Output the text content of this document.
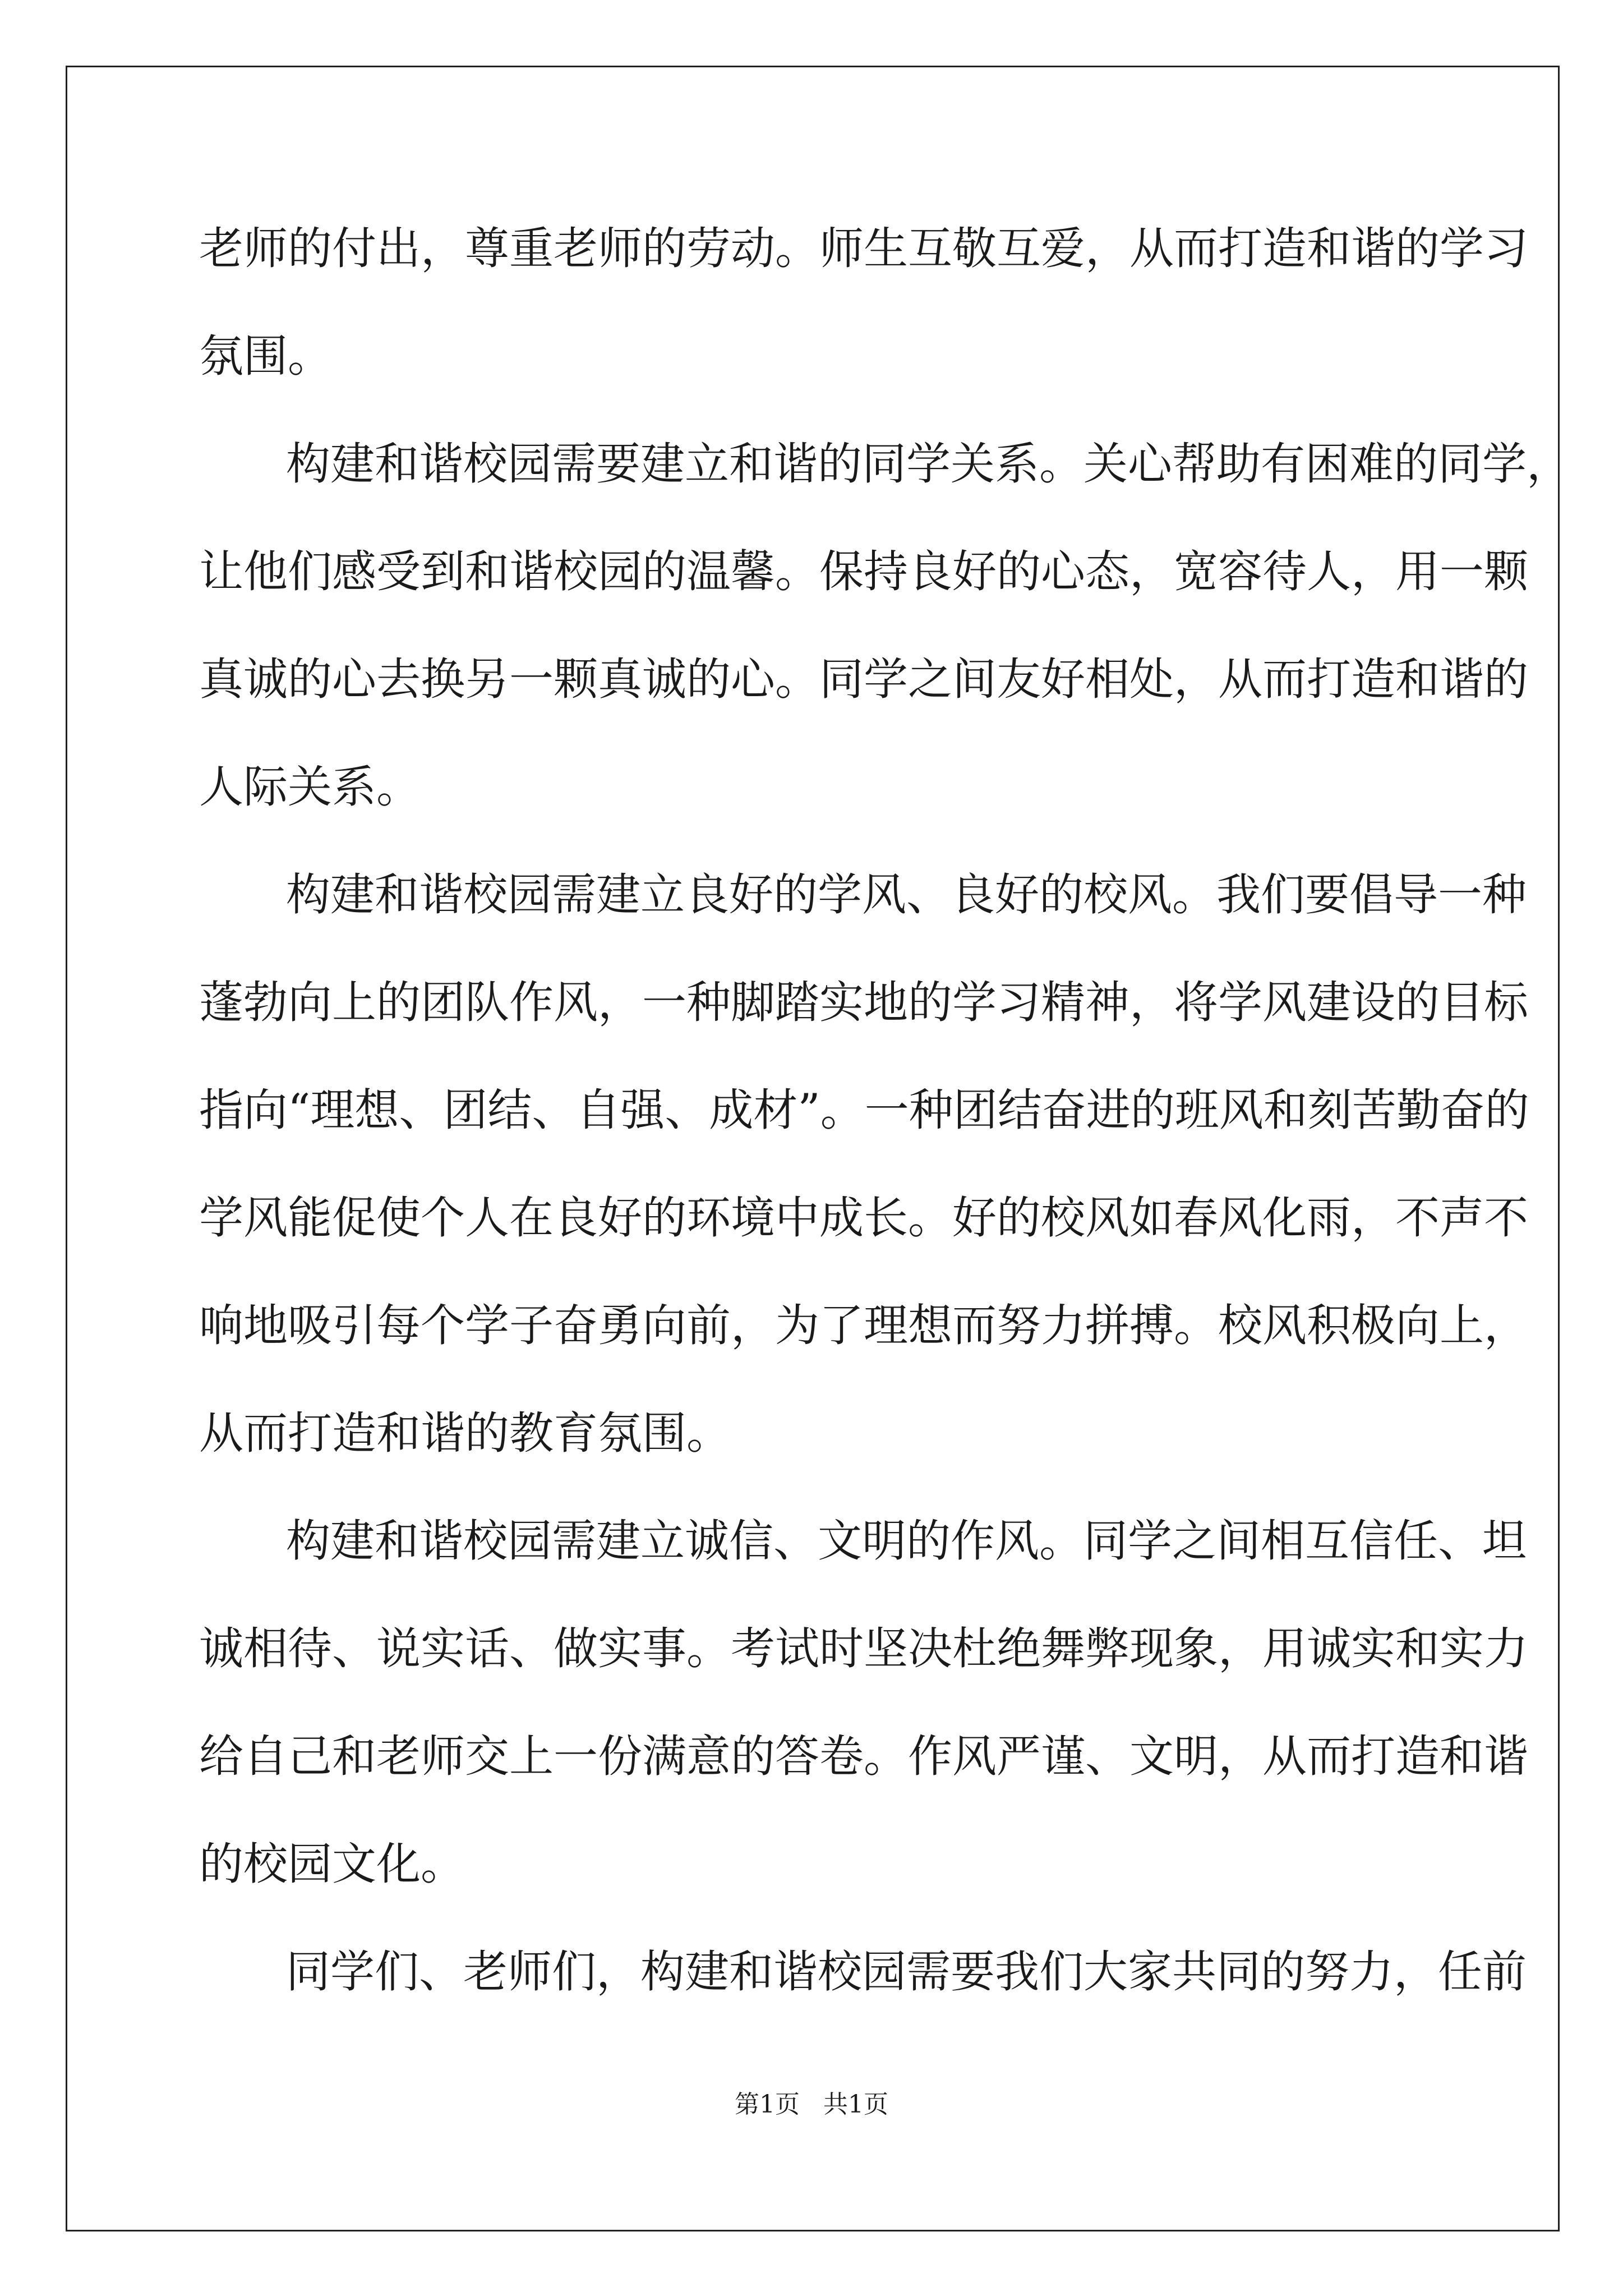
老师的付出，尊重老师的劳动。师生互敬互爱，从而打造和谐的学习

氛围。

构建和谐校园需要建立和谐的同学关系。关心帮助有困难的同学，

让他们感受到和谐校园的温馨。保持良好的心态，宽容待人，用一颗

真诚的心去换另一颗真诚的心。同学之间友好相处，从而打造和谐的

人际关系。

构建和谐校园需建立良好的学风、良好的校风。我们要倡导一种

蓬勃向上的团队作风，一种脚踏实地的学习精神，将学风建设的目标

指向“理想、团结、自强、成材”。一种团结奋进的班风和刻苦勤奋的

学风能促使个人在良好的环境中成长。好的校风如春风化雨，不声不

响地吸引每个学子奋勇向前，为了理想而努力拼搏。校风积极向上，

从而打造和谐的教育氛围。

构建和谐校园需建立诚信、文明的作风。同学之间相互信任、坦

诚相待、说实话、做实事。考试时坚决杜绝舞弊现象，用诚实和实力

给自己和老师交上一份满意的答卷。作风严谨、文明，从而打造和谐

的校园文化。

同学们、老师们，构建和谐校园需要我们大家共同的努力，任前

第1页   共1页
